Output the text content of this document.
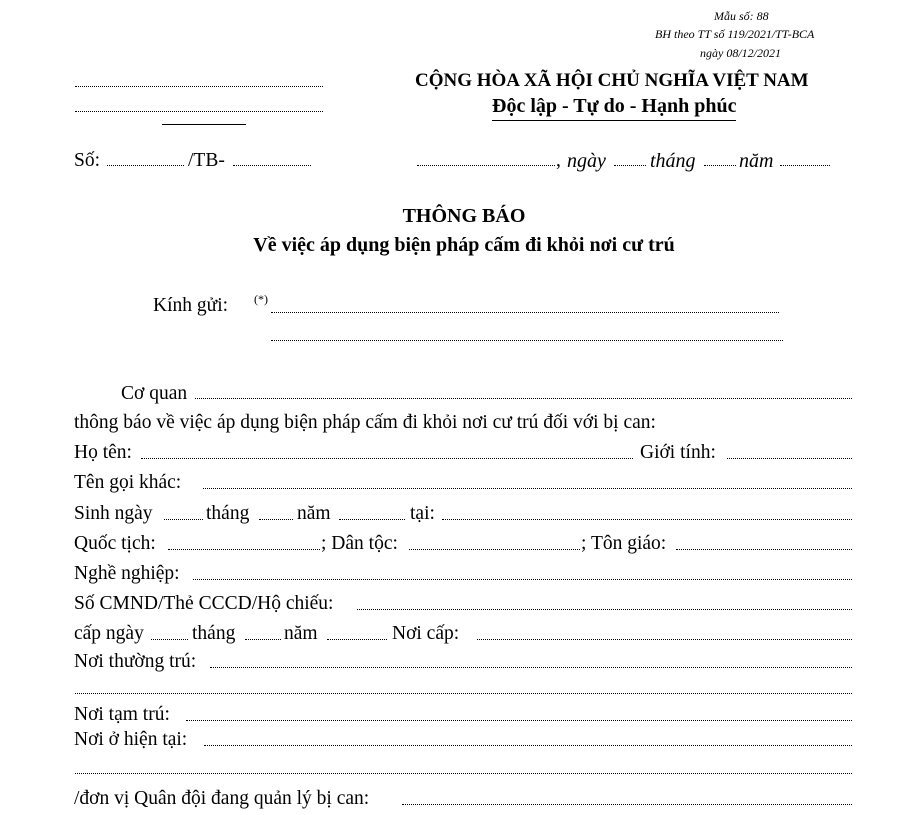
Mẫu số: 88
BH theo TT số 119/2021/TT-BCA
ngày 08/12/2021
CỘNG HÒA XÃ HỘI CHỦ NGHĨA VIỆT NAM
Độc lập - Tự do - Hạnh phúc
Số:	/TB-	, ngày tháng năm
THÔNG BÁO
Về việc áp dụng biện pháp cấm đi khỏi nơi cư trú
Kính gửi: (*)
Cơ quan
thông báo về việc áp dụng biện pháp cấm đi khỏi nơi cư trú đối với bị can:
Họ tên:	Giới tính:
Tên gọi khác:
Sinh ngày	tháng năm	tại:
Quốc tịch:	; Dân tộc:	; Tôn giáo:
Nghề nghiệp:
Số CMND/Thẻ CCCD/Hộ chiếu:
cấp ngày tháng năm	Nơi cấp:
Nơi thường trú:
Nơi tạm trú:
Nơi ở hiện tại:
/đơn vị Quân đội đang quản lý bị can:
